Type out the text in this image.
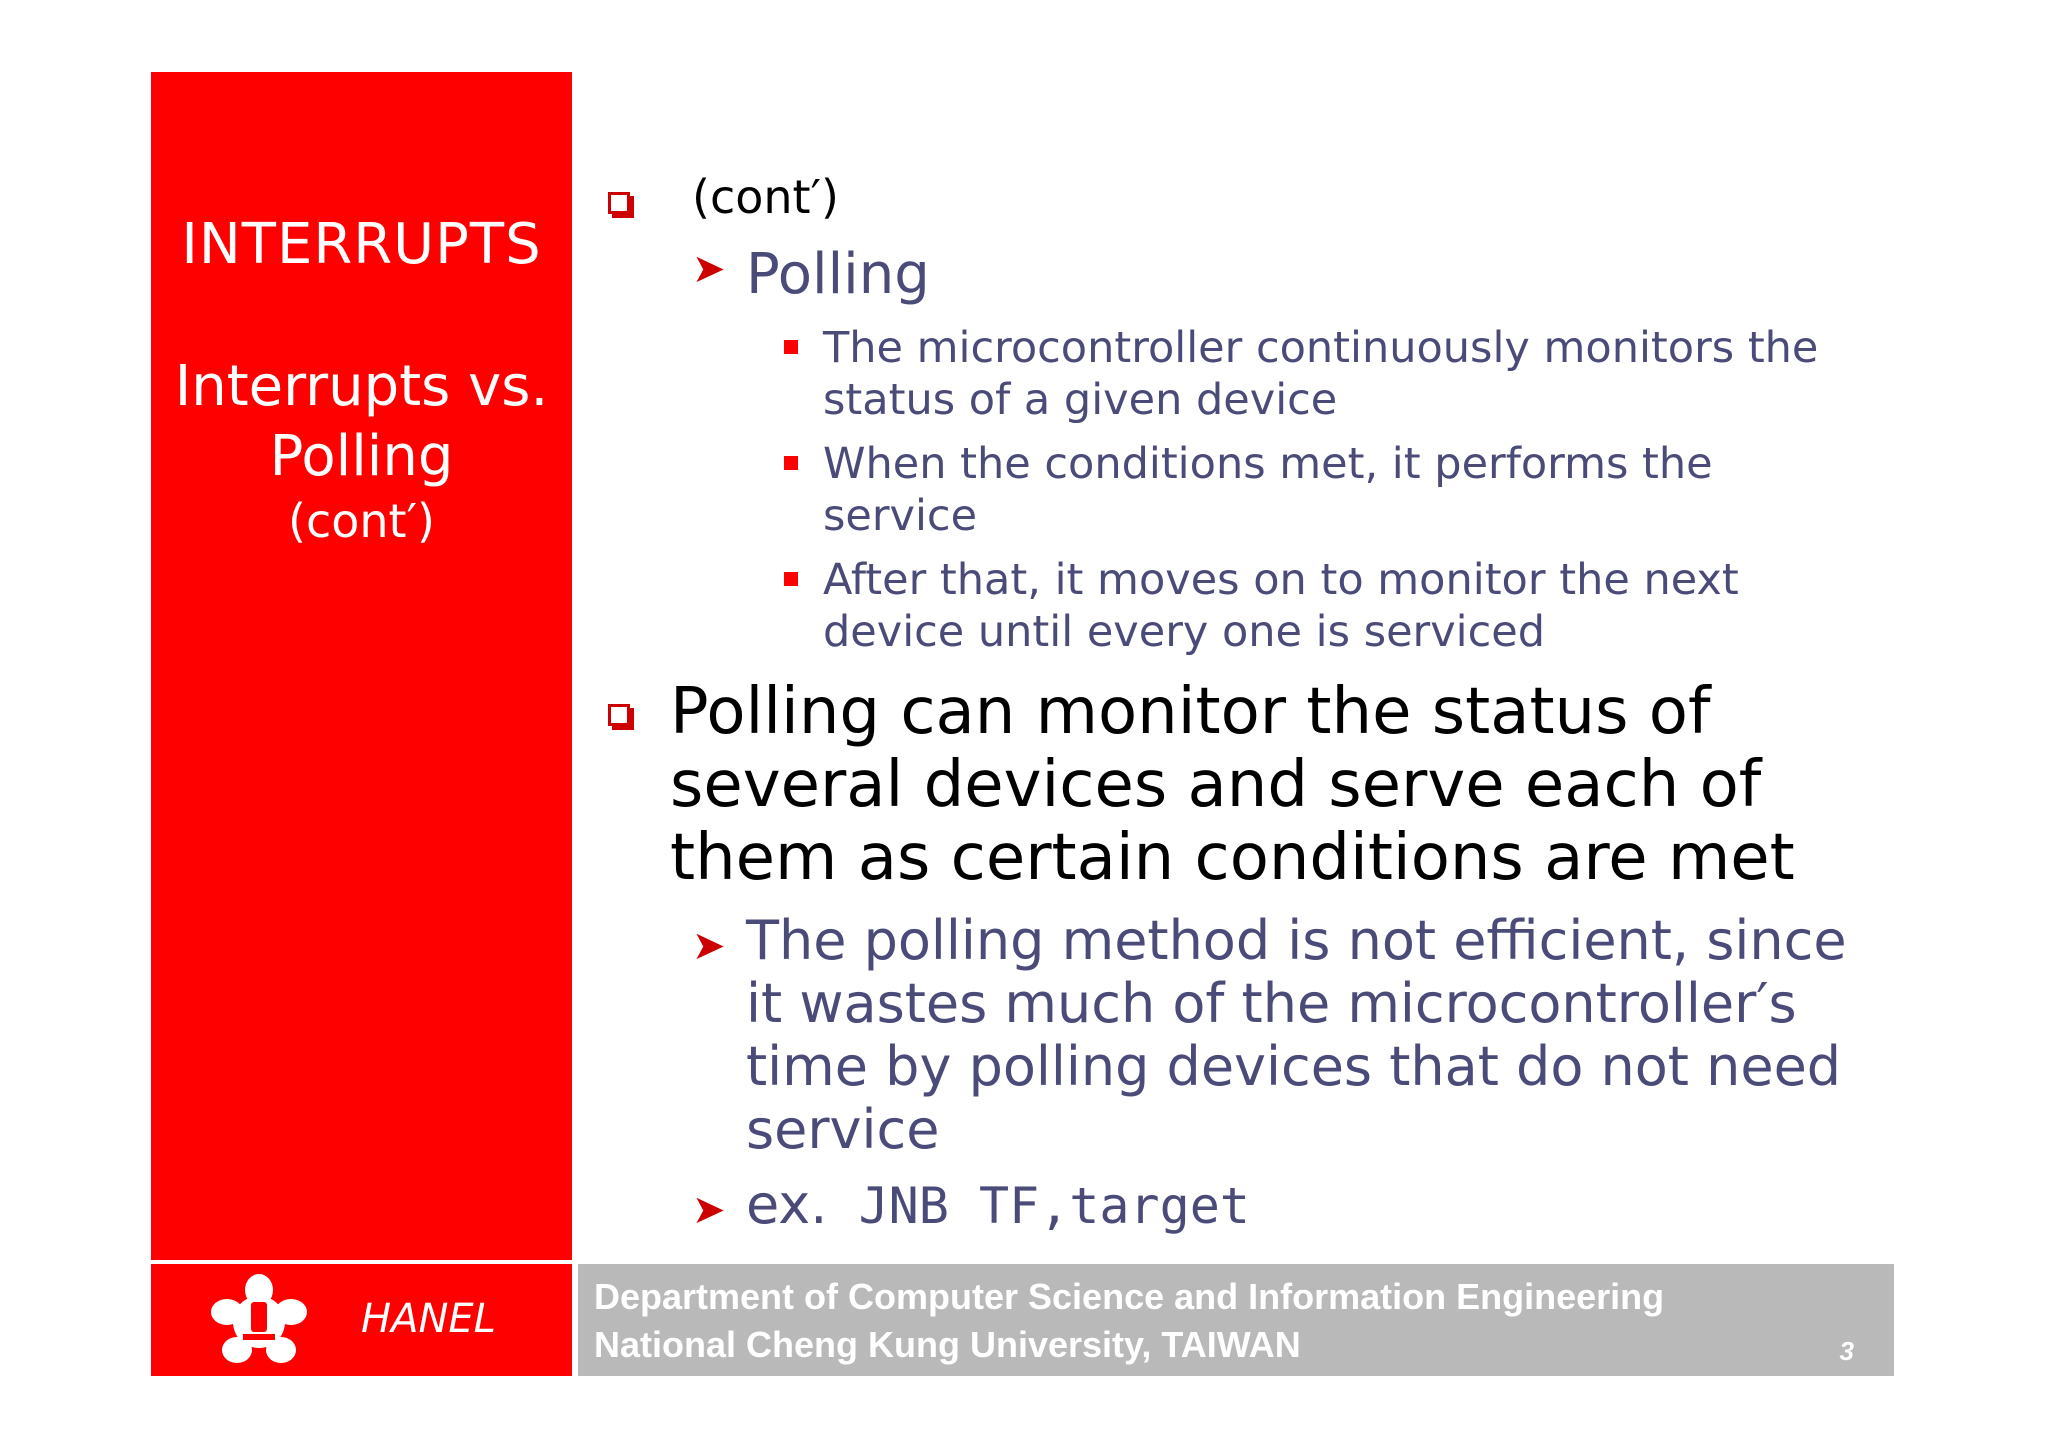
INTERRUPTS
Interrupts vs.
Polling
(cont′)
(cont′)
➤ Polling
The microcontroller continuously monitors the status of a given device
When the conditions met, it performs the service
After that, it moves on to monitor the next device until every one is serviced
Polling can monitor the status of several devices and serve each of them as certain conditions are met
➤ The polling method is not efficient, since it wastes much of the microcontroller′s time by polling devices that do not need service
➤ ex. JNB TF,target
HANEL	Department of Computer Science and Information Engineering
National Cheng Kung University, TAIWAN	3
